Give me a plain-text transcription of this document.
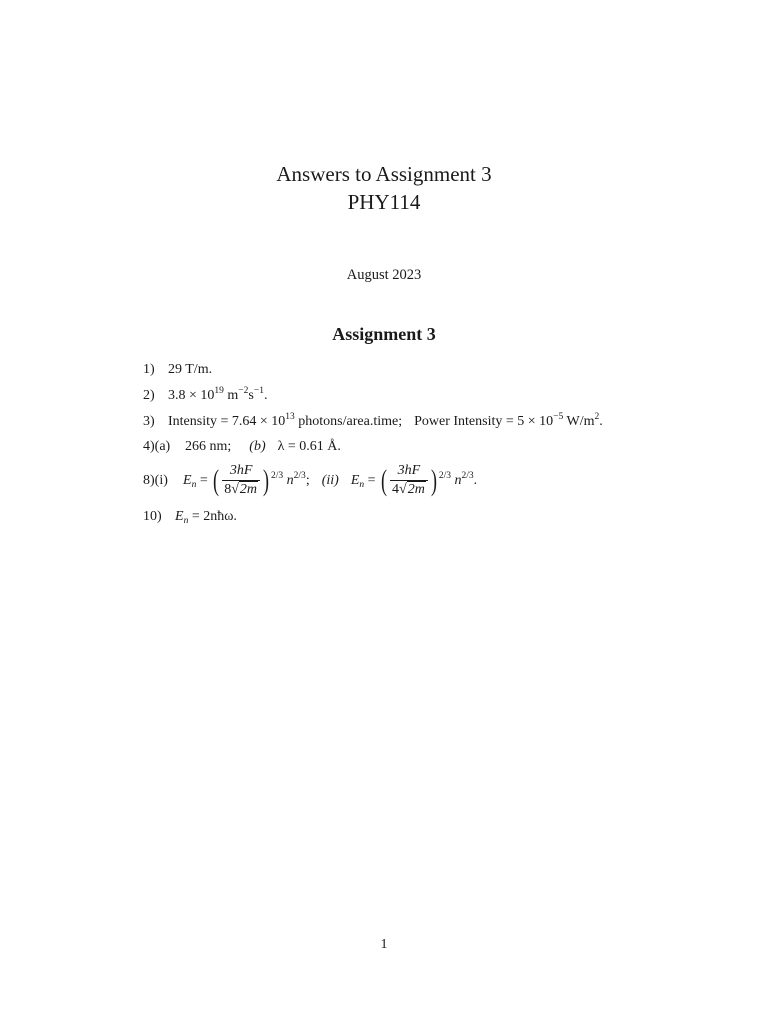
Answers to Assignment 3
PHY114
August 2023
Assignment 3
1) 29 T/m.
2) $3.8 \times 10^{19}$ $m^{-2}s^{-1}$.
3) Intensity = $7.64 \times 10^{13}$ photons/area.time; Power Intensity = $5 \times 10^{-5}$ $W/m^2$.
4)(a) 266 nm; (b) λ = 0.61 Å.
8)(i) $E_n$ = ( $\frac{3hF}{8√2m}$ ) $^{2/3}$ $n^{2/3}$; (ii) $E_n$ = ( $\frac{3hF}{4√2m}$ ) $^{2/3}$ $n^{2/3}$.
10) $E_n$ = 2nħω.
1
